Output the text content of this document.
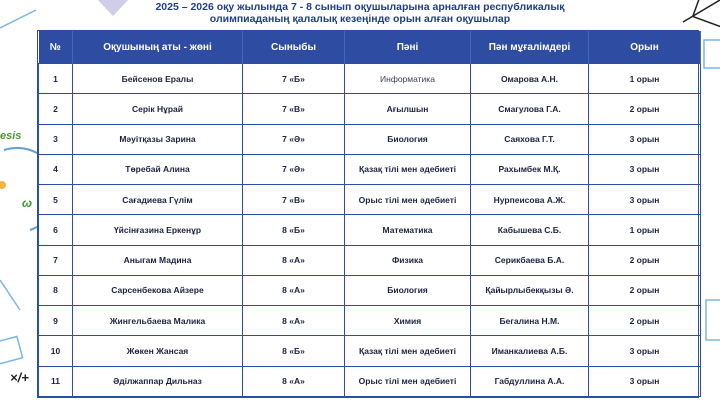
esis
ω
×/+
2025 – 2026 оқу жылында 7 - 8 сынып оқушыларына арналған республикалық
олимпиаданың қалалық кезеңінде орын алған оқушылар
№	Оқушының аты - жөні	Сыныбы	Пәні	Пән мұғалімдері	Орын
1	Бейсенов Ералы	7 «Б»	Информатика	Омарова А.Н.	1 орын
2	Серік Нұрай	7 «В»	Ағылшын	Смагулова Г.А.	2 орын
3	Мәуітқазы Зарина	7 «Ә»	Биология	Саяхова Г.Т.	3 орын
4	Төребай Алина	7 «Ә»	Қазақ тілі мен әдебиеті	Рахымбек М.Қ.	3 орын
5	Сағадиева Гүлім	7 «В»	Орыс тілі мен әдебиеті	Нурпеисова А.Ж.	3 орын
6	Үйсінғазина Еркенұр	8 «Б»	Математика	Кабышева С.Б.	1 орын
7	Аныгам Мадина	8 «А»	Физика	Серикбаева Б.А.	2 орын
8	Сарсенбекова Айзере	8 «А»	Биология	Қайырлыбекқызы Ә.	2 орын
9	Жингельбаева Малика	8 «А»	Химия	Бегалина Н.М.	2 орын
10	Жөкен Жансая	8 «Б»	Қазақ тілі мен әдебиеті	Иманкалиева А.Б.	3 орын
11	Әділжаппар Дильназ	8 «А»	Орыс тілі мен әдебиеті	Габдуллина А.А.	3 орын
